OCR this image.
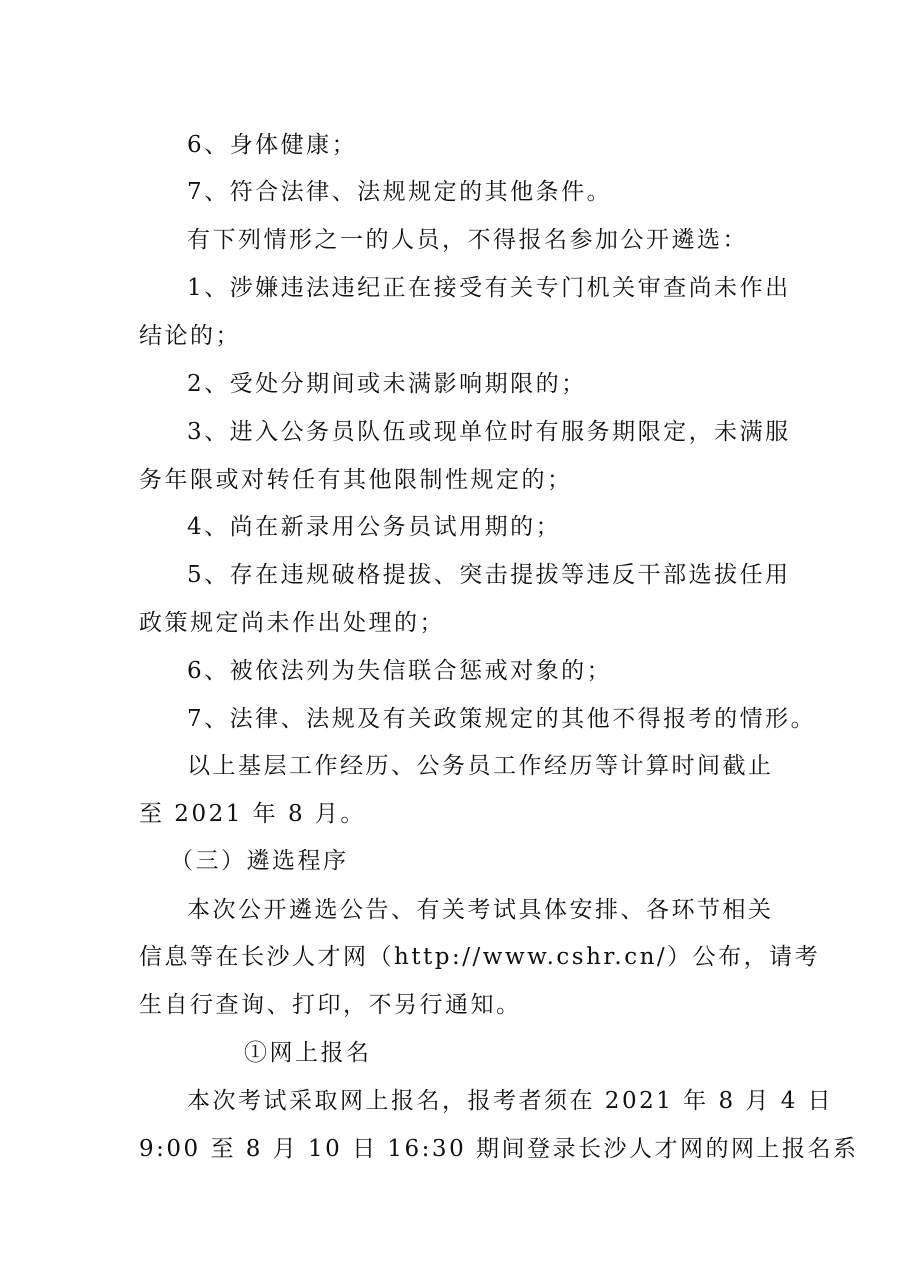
6、身体健康；
7、符合法律、法规规定的其他条件。
有下列情形之一的人员，不得报名参加公开遴选：
1、涉嫌违法违纪正在接受有关专门机关审查尚未作出
结论的；
2、受处分期间或未满影响期限的；
3、进入公务员队伍或现单位时有服务期限定，未满服
务年限或对转任有其他限制性规定的；
4、尚在新录用公务员试用期的；
5、存在违规破格提拔、突击提拔等违反干部选拔任用
政策规定尚未作出处理的；
6、被依法列为失信联合惩戒对象的；
7、法律、法规及有关政策规定的其他不得报考的情形。
以上基层工作经历、公务员工作经历等计算时间截止
至 2021 年 8 月。
（三）遴选程序
本次公开遴选公告、有关考试具体安排、各环节相关
信息等在长沙人才网（http://www.cshr.cn/）公布，请考
生自行查询、打印，不另行通知。
①网上报名
本次考试采取网上报名，报考者须在 2021 年 8 月 4 日
9:00 至 8 月 10 日 16:30 期间登录长沙人才网的网上报名系
